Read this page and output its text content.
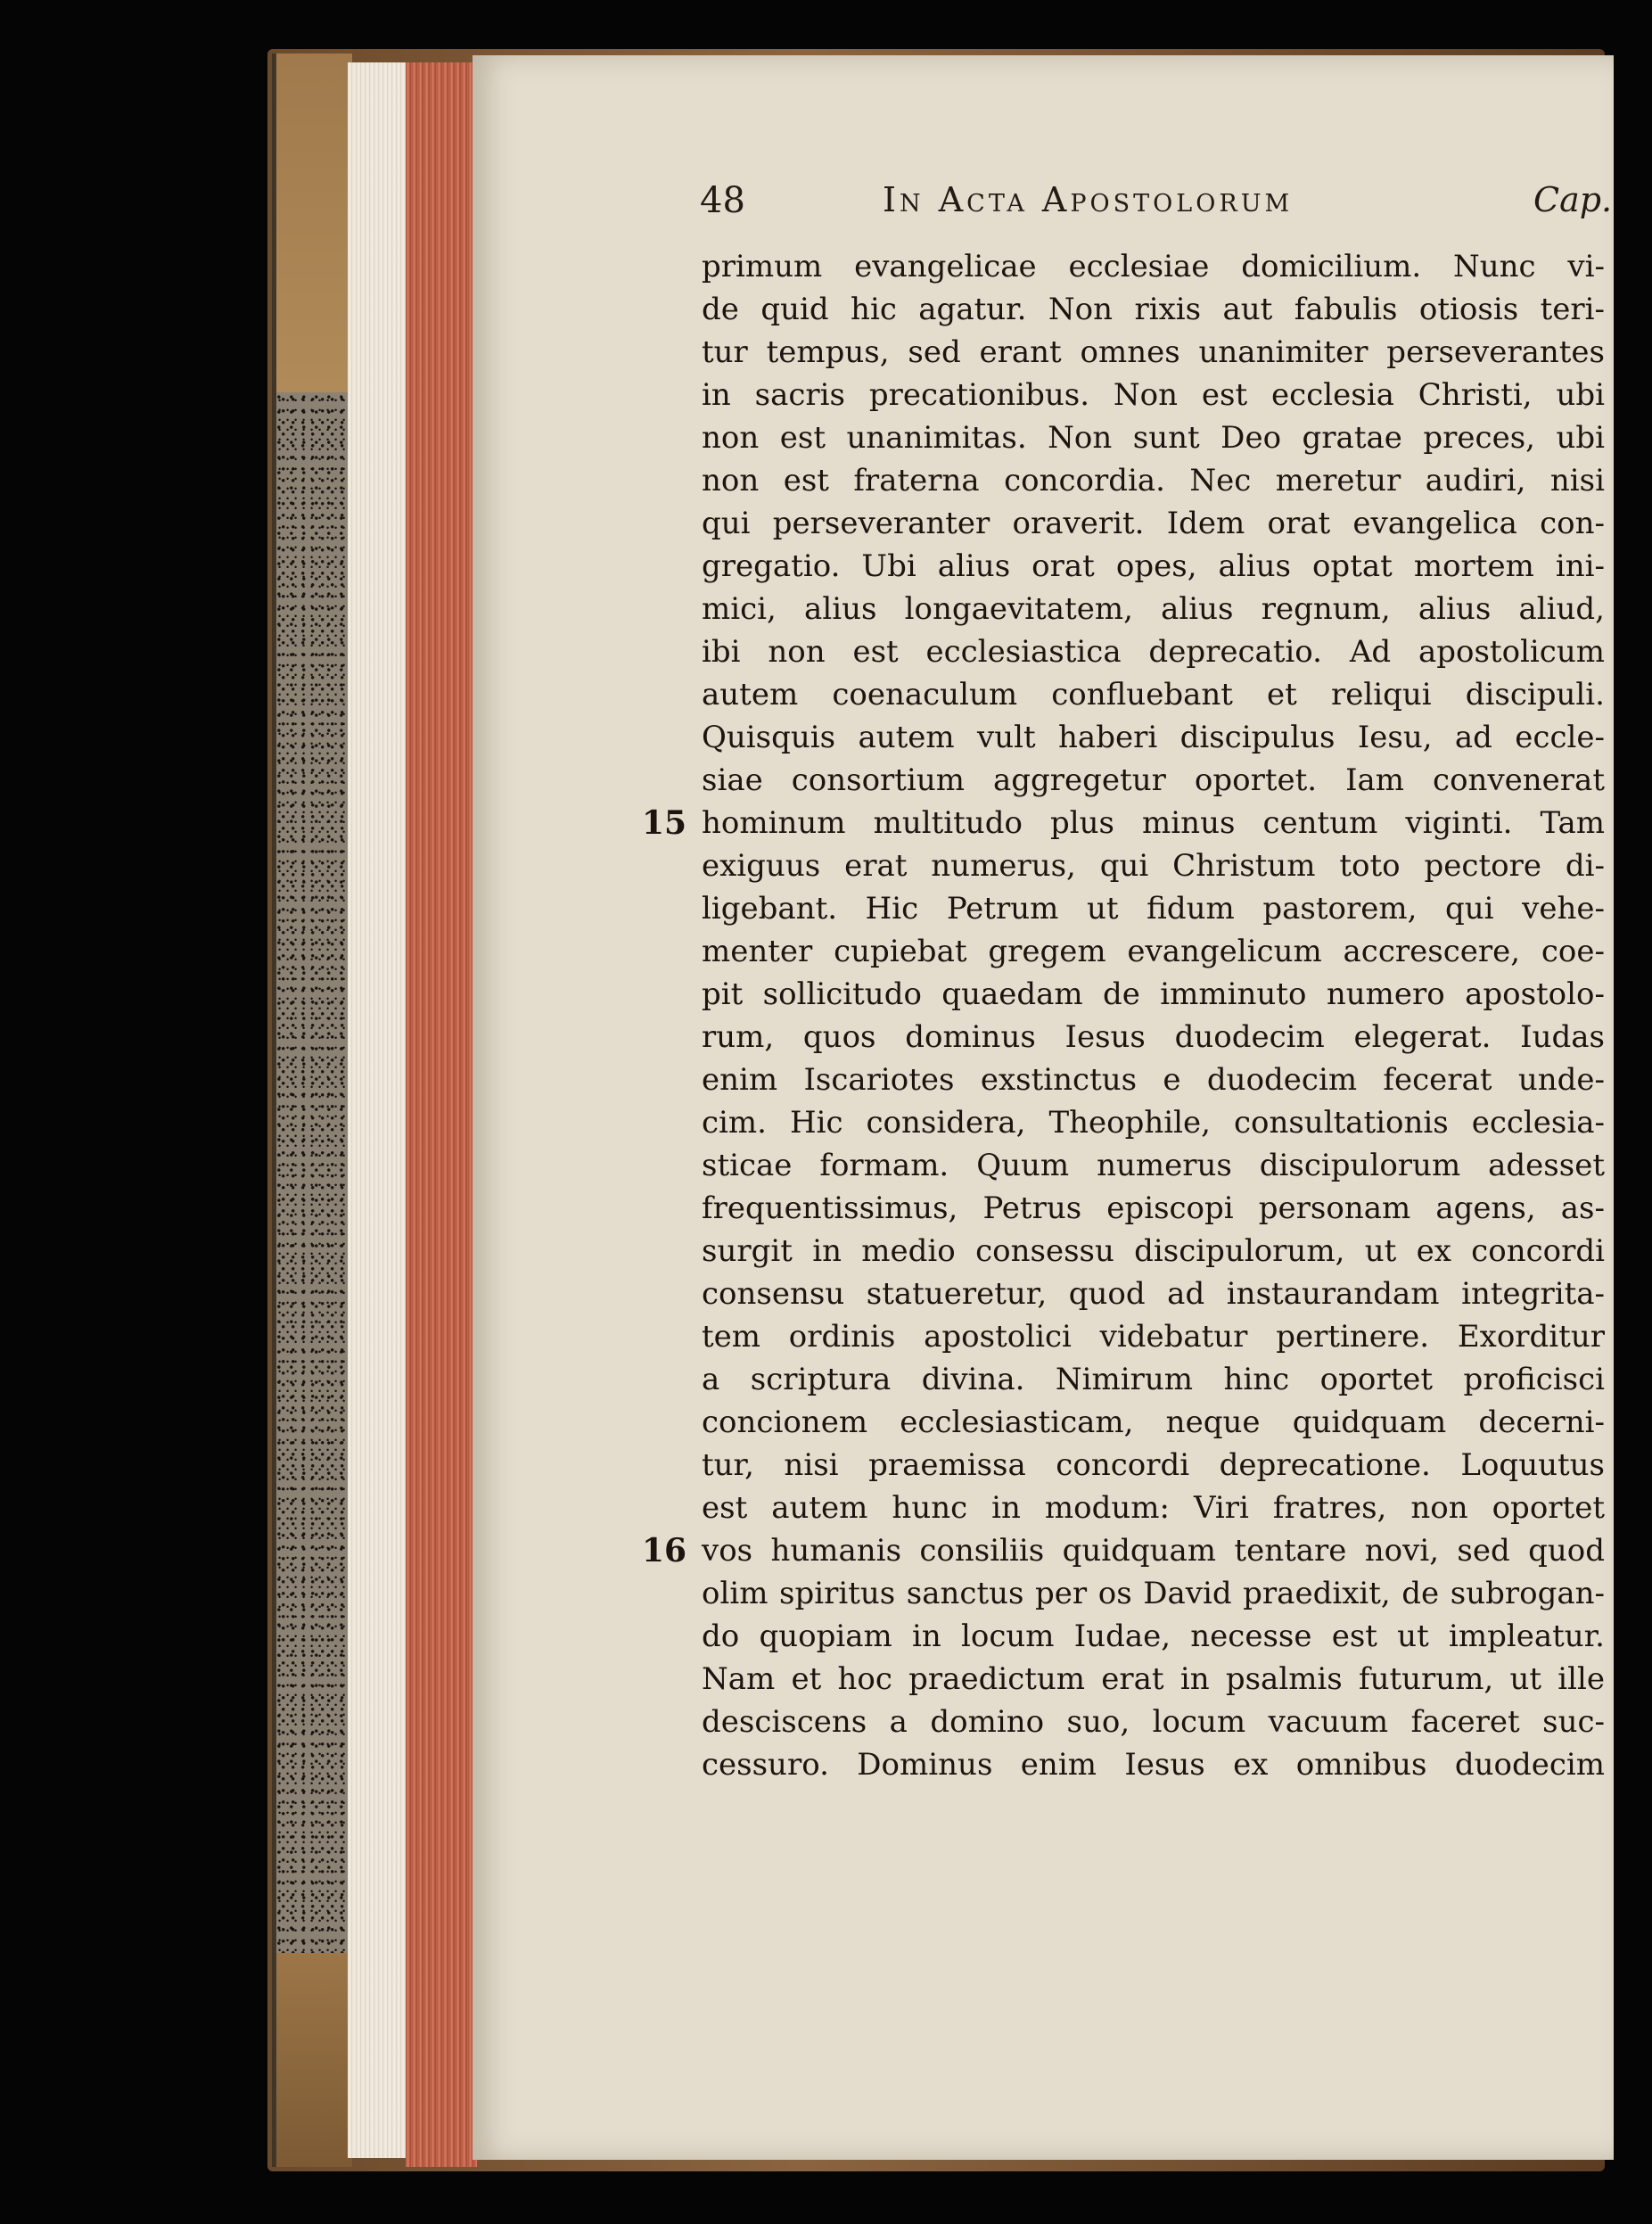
48	In Acta Apostolorum	Cap.
15
16
primum evangelicae ecclesiae domicilium. Nunc vi-
de quid hic agatur. Non rixis aut fabulis otiosis teri-
tur tempus, sed erant omnes unanimiter perseverantes
in sacris precationibus. Non est ecclesia Christi, ubi
non est unanimitas. Non sunt Deo gratae preces, ubi
non est fraterna concordia. Nec meretur audiri, nisi
qui perseveranter oraverit. Idem orat evangelica con-
gregatio. Ubi alius orat opes, alius optat mortem ini-
mici, alius longaevitatem, alius regnum, alius aliud,
ibi non est ecclesiastica deprecatio. Ad apostolicum
autem coenaculum confluebant et reliqui discipuli.
Quisquis autem vult haberi discipulus Iesu, ad eccle-
siae consortium aggregetur oportet. Iam convenerat
hominum multitudo plus minus centum viginti. Tam
exiguus erat numerus, qui Christum toto pectore di-
ligebant. Hic Petrum ut fidum pastorem, qui vehe-
menter cupiebat gregem evangelicum accrescere, coe-
pit sollicitudo quaedam de imminuto numero apostolo-
rum, quos dominus Iesus duodecim elegerat. Iudas
enim Iscariotes exstinctus e duodecim fecerat unde-
cim. Hic considera, Theophile, consultationis ecclesia-
sticae formam. Quum numerus discipulorum adesset
frequentissimus, Petrus episcopi personam agens, as-
surgit in medio consessu discipulorum, ut ex concordi
consensu statueretur, quod ad instaurandam integrita-
tem ordinis apostolici videbatur pertinere. Exorditur
a scriptura divina. Nimirum hinc oportet proficisci
concionem ecclesiasticam, neque quidquam decerni-
tur, nisi praemissa concordi deprecatione. Loquutus
est autem hunc in modum: Viri fratres, non oportet
vos humanis consiliis quidquam tentare novi, sed quod
olim spiritus sanctus per os David praedixit, de subrogan-
do quopiam in locum Iudae, necesse est ut impleatur.
Nam et hoc praedictum erat in psalmis futurum, ut ille
desciscens a domino suo, locum vacuum faceret suc-
cessuro. Dominus enim Iesus ex omnibus duodecim
